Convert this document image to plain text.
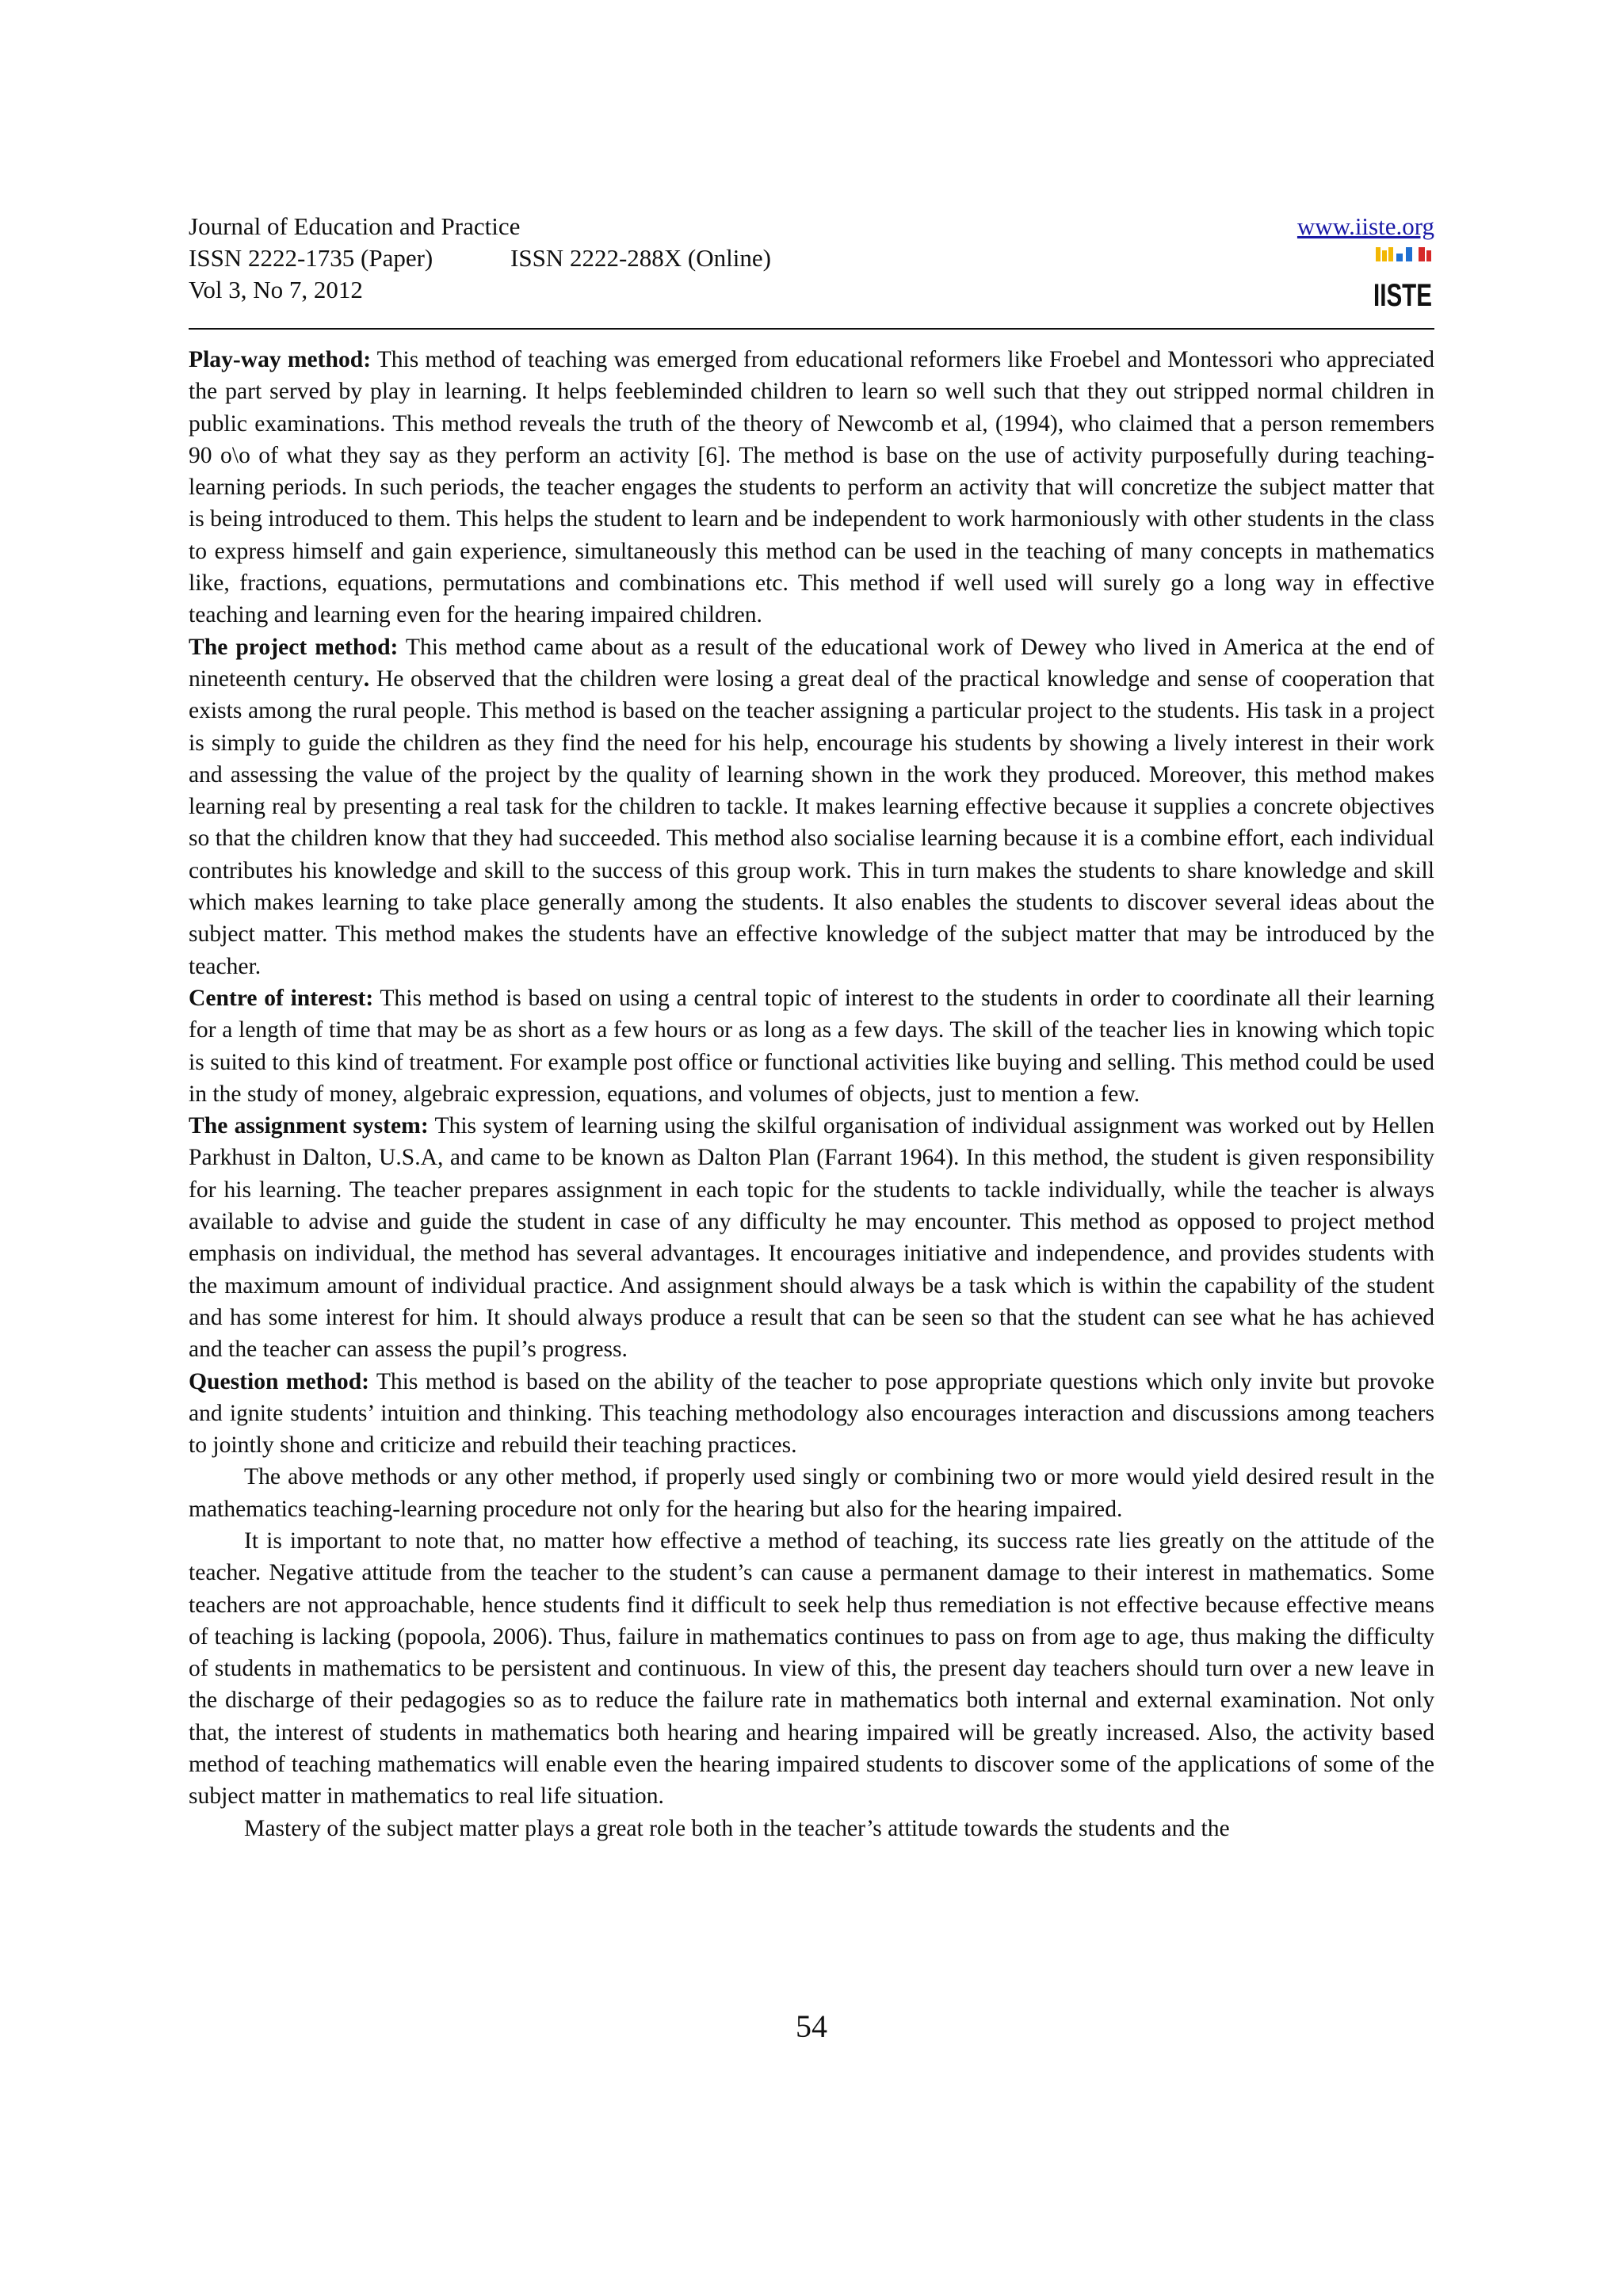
Journal of Education and Practice
ISSN 2222-1735 (Paper)	ISSN 2222-288X (Online)
Vol 3, No 7, 2012
www.iiste.org
IISTE

Play-way method: This method of teaching was emerged from educational reformers like Froebel and Montessori who appreciated the part served by play in learning. It helps feebleminded children to learn so well such that they out stripped normal children in public examinations. This method reveals the truth of the theory of Newcomb et al, (1994), who claimed that a person remembers 90 o\o of what they say as they perform an activity [6]. The method is base on the use of activity purposefully during teaching-learning periods. In such periods, the teacher engages the students to perform an activity that will concretize the subject matter that is being introduced to them. This helps the student to learn and be independent to work harmoniously with other students in the class to express himself and gain experience, simultaneously this method can be used in the teaching of many concepts in mathematics like, fractions, equations, permutations and combinations etc. This method if well used will surely go a long way in effective teaching and learning even for the hearing impaired children.

The project method: This method came about as a result of the educational work of Dewey who lived in America at the end of nineteenth century. He observed that the children were losing a great deal of the practical knowledge and sense of cooperation that exists among the rural people. This method is based on the teacher assigning a particular project to the students. His task in a project is simply to guide the children as they find the need for his help, encourage his students by showing a lively interest in their work and assessing the value of the project by the quality of learning shown in the work they produced. Moreover, this method makes learning real by presenting a real task for the children to tackle. It makes learning effective because it supplies a concrete objectives so that the children know that they had succeeded. This method also socialise learning because it is a combine effort, each individual contributes his knowledge and skill to the success of this group work. This in turn makes the students to share knowledge and skill which makes learning to take place generally among the students. It also enables the students to discover several ideas about the subject matter. This method makes the students have an effective knowledge of the subject matter that may be introduced by the teacher.

Centre of interest: This method is based on using a central topic of interest to the students in order to coordinate all their learning for a length of time that may be as short as a few hours or as long as a few days. The skill of the teacher lies in knowing which topic is suited to this kind of treatment. For example post office or functional activities like buying and selling. This method could be used in the study of money, algebraic expression, equations, and volumes of objects, just to mention a few.

The assignment system: This system of learning using the skilful organisation of individual assignment was worked out by Hellen Parkhust in Dalton, U.S.A, and came to be known as Dalton Plan (Farrant 1964). In this method, the student is given responsibility for his learning. The teacher prepares assignment in each topic for the students to tackle individually, while the teacher is always available to advise and guide the student in case of any difficulty he may encounter. This method as opposed to project method emphasis on individual, the method has several advantages. It encourages initiative and independence, and provides students with the maximum amount of individual practice. And assignment should always be a task which is within the capability of the student and has some interest for him. It should always produce a result that can be seen so that the student can see what he has achieved and the teacher can assess the pupil’s progress.

Question method: This method is based on the ability of the teacher to pose appropriate questions which only invite but provoke and ignite students’ intuition and thinking. This teaching methodology also encourages interaction and discussions among teachers to jointly shone and criticize and rebuild their teaching practices.

The above methods or any other method, if properly used singly or combining two or more would yield desired result in the mathematics teaching-learning procedure not only for the hearing but also for the hearing impaired.

It is important to note that, no matter how effective a method of teaching, its success rate lies greatly on the attitude of the teacher. Negative attitude from the teacher to the student’s can cause a permanent damage to their interest in mathematics. Some teachers are not approachable, hence students find it difficult to seek help thus remediation is not effective because effective means of teaching is lacking (popoola, 2006). Thus, failure in mathematics continues to pass on from age to age, thus making the difficulty of students in mathematics to be persistent and continuous. In view of this, the present day teachers should turn over a new leave in the discharge of their pedagogies so as to reduce the failure rate in mathematics both internal and external examination. Not only that, the interest of students in mathematics both hearing and hearing impaired will be greatly increased. Also, the activity based method of teaching mathematics will enable even the hearing impaired students to discover some of the applications of some of the subject matter in mathematics to real life situation.

Mastery of the subject matter plays a great role both in the teacher’s attitude towards the students and the

54
